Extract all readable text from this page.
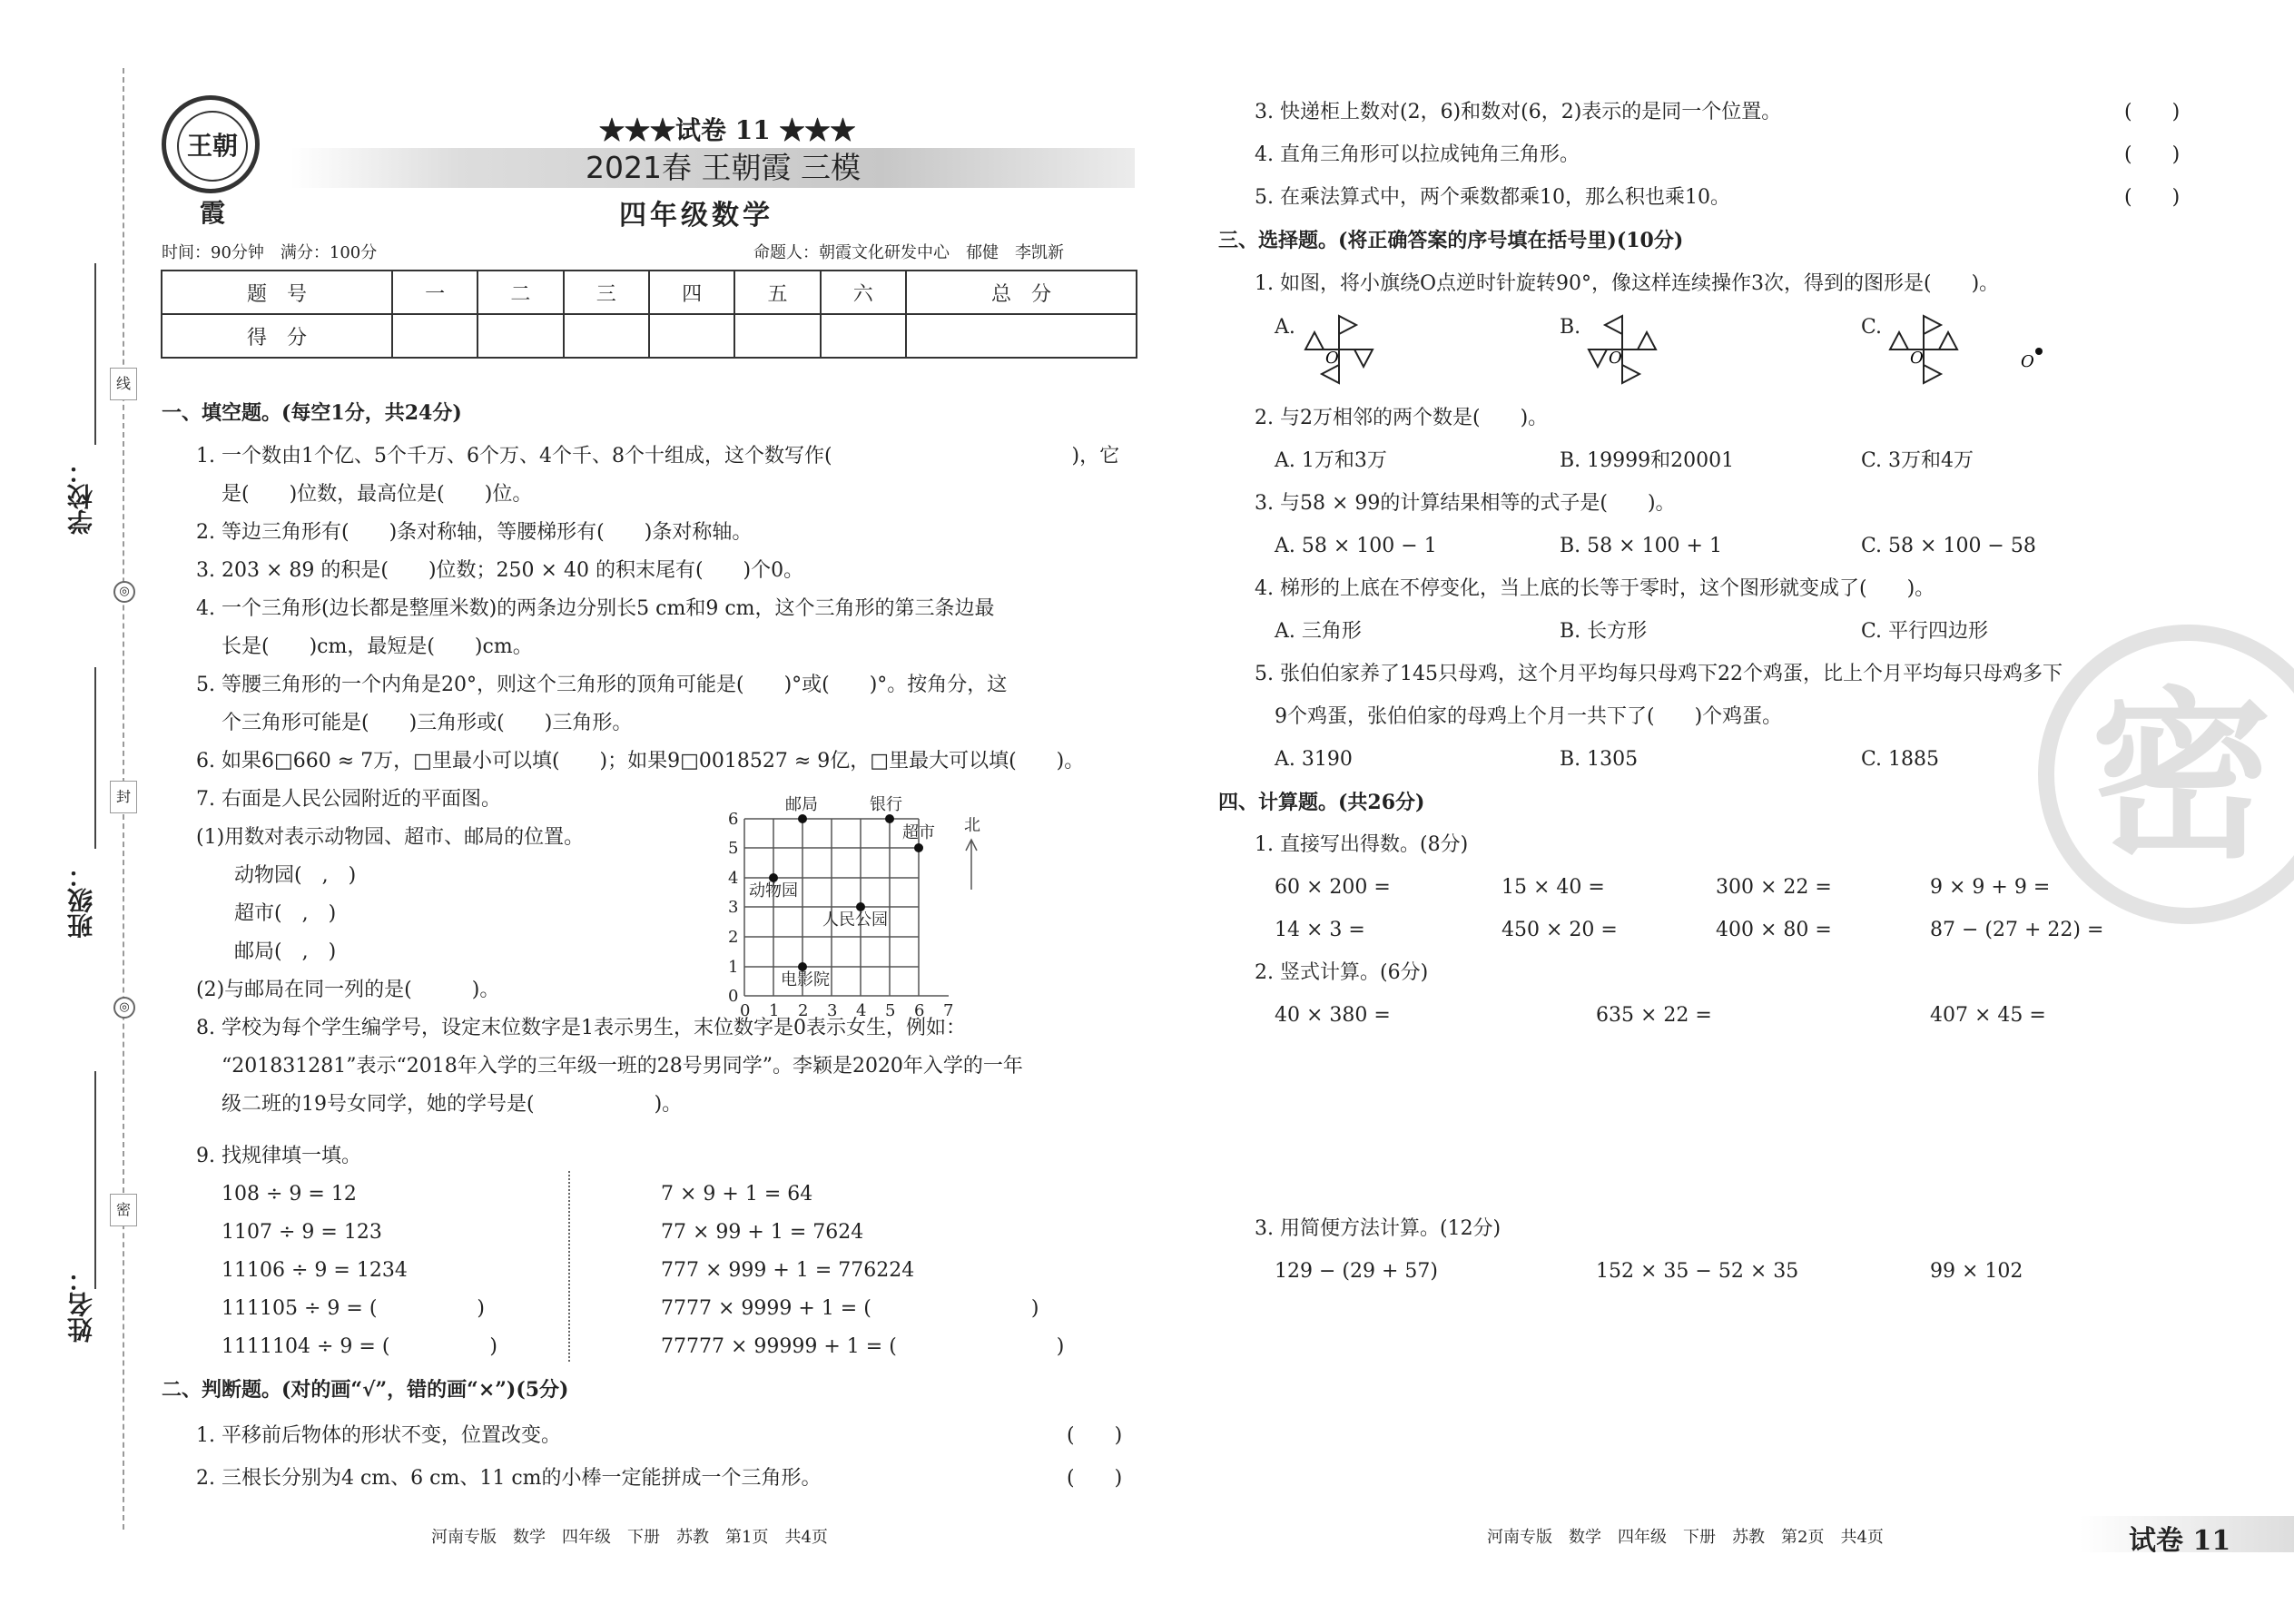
学校：
班级：
姓名：
线
封
密
◎
◎
王朝霞
★★★试卷 11 ★★★
2021春 王朝霞 三模
四年级数学
时间：90分钟　满分：100分	命题人：朝霞文化研发中心　郁健　李凯新
题　号	一	二	三	四	五	六	总　分
得　分							
一、填空题。(每空1分，共24分)
1. 一个数由1个亿、5个千万、6个万、4个千、8个十组成，这个数写作(　　　　　　　　　　　　)，它
是(　　)位数，最高位是(　　)位。
2. 等边三角形有(　　)条对称轴，等腰梯形有(　　)条对称轴。
3. 203 × 89 的积是(　　)位数；250 × 40 的积末尾有(　　)个0。
4. 一个三角形(边长都是整厘米数)的两条边分别长5 cm和9 cm，这个三角形的第三条边最
长是(　　)cm，最短是(　　)cm。
5. 等腰三角形的一个内角是20°，则这个三角形的顶角可能是(　　)°或(　　)°。按角分，这
个三角形可能是(　　)三角形或(　　)三角形。
6. 如果6□660 ≈ 7万，□里最小可以填(　　)；如果9□0018527 ≈ 9亿，□里最大可以填(　　)。
7. 右面是人民公园附近的平面图。
(1)用数对表示动物园、超市、邮局的位置。
动物园(　,　)
超市(　,　)
邮局(　,　)
(2)与邮局在同一列的是(　　　)。
邮局	银行
超市 北
动物园
人民公园
电影院
0 1 2 3 4 5 6 7
0
1
2
3
4
5
6
8. 学校为每个学生编学号，设定末位数字是1表示男生，末位数字是0表示女生，例如：
“201831281”表示“2018年入学的三年级一班的28号男同学”。李颖是2020年入学的一年
级二班的19号女同学，她的学号是(　　　　　　)。
9. 找规律填一填。
108 ÷ 9 = 12
1107 ÷ 9 = 123
11106 ÷ 9 = 1234
111105 ÷ 9 = (　　　　　)
1111104 ÷ 9 = (　　　　　)
7 × 9 + 1 = 64
77 × 99 + 1 = 7624
777 × 999 + 1 = 776224
7777 × 9999 + 1 = (　　　　　　　　)
77777 × 99999 + 1 = (　　　　　　　　)
二、判断题。(对的画“√”，错的画“×”)(5分)
1. 平移前后物体的形状不变，位置改变。	(　　)
2. 三根长分别为4 cm、6 cm、11 cm的小棒一定能拼成一个三角形。	(　　)
河南专版　数学　四年级　下册　苏教　第1页　共4页
密
3. 快递柜上数对(2，6)和数对(6，2)表示的是同一个位置。	(　　)
4. 直角三角形可以拉成钝角三角形。	(　　)
5. 在乘法算式中，两个乘数都乘10，那么积也乘10。	(　　)
三、选择题。(将正确答案的序号填在括号里)(10分)
1. 如图，将小旗绕O点逆时针旋转90°，像这样连续操作3次，得到的图形是(　　)。
A.
O
B.
O
C.
O	O
2. 与2万相邻的两个数是(　　)。
A. 1万和3万	B. 19999和20001	C. 3万和4万
3. 与58 × 99的计算结果相等的式子是(　　)。
A. 58 × 100 − 1	B. 58 × 100 + 1	C. 58 × 100 − 58
4. 梯形的上底在不停变化，当上底的长等于零时，这个图形就变成了(　　)。
A. 三角形	B. 长方形	C. 平行四边形
5. 张伯伯家养了145只母鸡，这个月平均每只母鸡下22个鸡蛋，比上个月平均每只母鸡多下
9个鸡蛋，张伯伯家的母鸡上个月一共下了(　　)个鸡蛋。
A. 3190	B. 1305	C. 1885
四、计算题。(共26分)
1. 直接写出得数。(8分)
60 × 200 =	15 × 40 =	300 × 22 =	9 × 9 + 9 =
14 × 3 =	450 × 20 =	400 × 80 =	87 − (27 + 22) =
2. 竖式计算。(6分)
40 × 380 =	635 × 22 =	407 × 45 =
3. 用简便方法计算。(12分)
129 − (29 + 57)	152 × 35 − 52 × 35	99 × 102
河南专版　数学　四年级　下册　苏教　第2页　共4页	试卷 11
